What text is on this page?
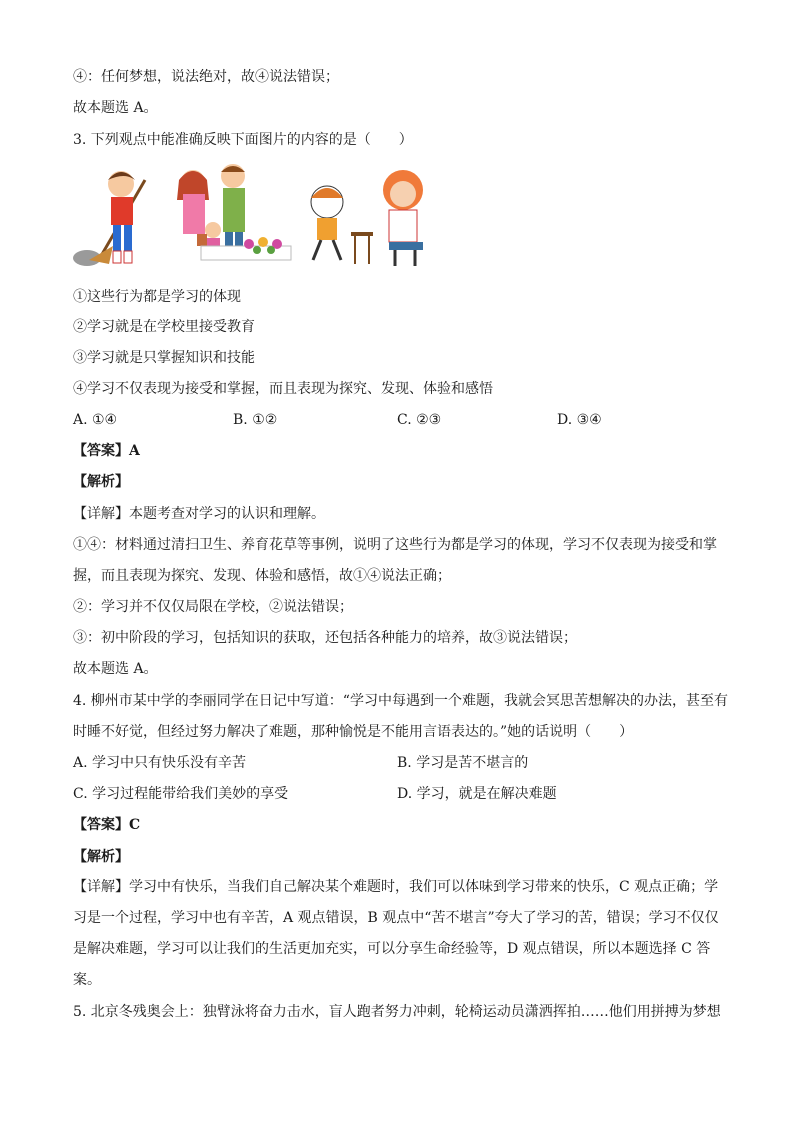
④：任何梦想，说法绝对，故④说法错误；
故本题选 A。
3. 下列观点中能准确反映下面图片的内容的是（　　）
①这些行为都是学习的体现
②学习就是在学校里接受教育
③学习就是只掌握知识和技能
④学习不仅表现为接受和掌握，而且表现为探究、发现、体验和感悟
A. ①④	B. ①②	C. ②③	D. ③④
【答案】A
【解析】
【详解】本题考查对学习的认识和理解。
①④：材料通过清扫卫生、养育花草等事例，说明了这些行为都是学习的体现，学习不仅表现为接受和掌
握，而且表现为探究、发现、体验和感悟，故①④说法正确；
②：学习并不仅仅局限在学校，②说法错误；
③：初中阶段的学习，包括知识的获取，还包括各种能力的培养，故③说法错误；
故本题选 A。
4. 柳州市某中学的李丽同学在日记中写道：“学习中每遇到一个难题，我就会冥思苦想解决的办法，甚至有
时睡不好觉，但经过努力解决了难题，那种愉悦是不能用言语表达的。”她的话说明（　　）
A. 学习中只有快乐没有辛苦	B. 学习是苦不堪言的
C. 学习过程能带给我们美妙的享受	D. 学习，就是在解决难题
【答案】C
【解析】
【详解】学习中有快乐，当我们自己解决某个难题时，我们可以体味到学习带来的快乐，C 观点正确；学习是一个过程，学习中也有辛苦，A 观点错误，B 观点中“苦不堪言”夸大了学习的苦，错误；学习不仅仅是解决难题，学习可以让我们的生活更加充实，可以分享生命经验等，D 观点错误，所以本题选择 C 答案。
5. 北京冬残奥会上：独臂泳将奋力击水，盲人跑者努力冲刺，轮椅运动员潇洒挥拍……他们用拼搏为梦想
